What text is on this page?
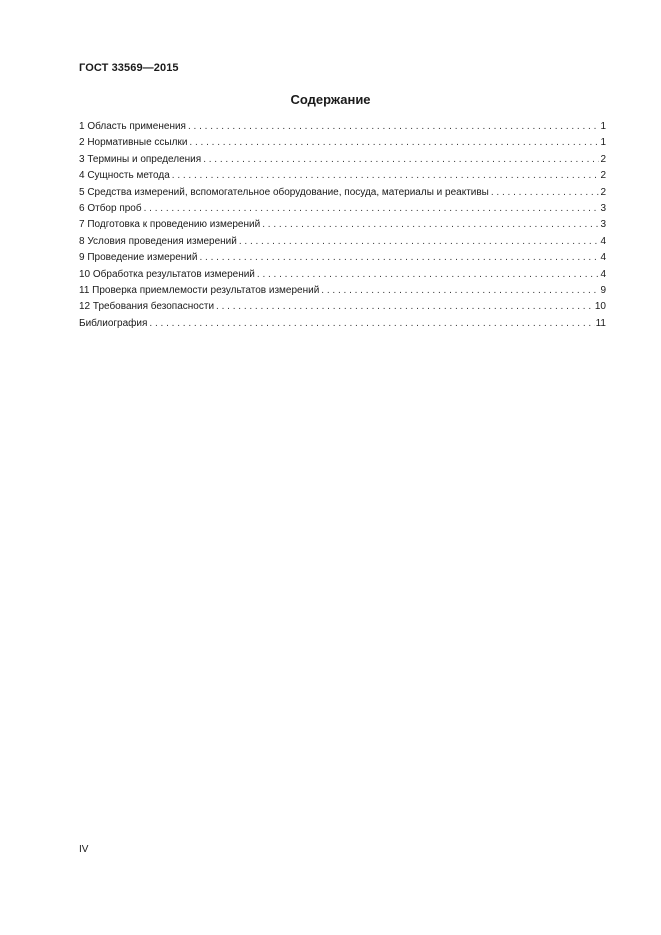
ГОСТ 33569—2015
Содержание
1 Область применения . . .	1
2 Нормативные ссылки . . .	1
3 Термины и определения . . .	2
4 Сущность метода . . .	2
5 Средства измерений, вспомогательное оборудование, посуда, материалы и реактивы . . .	2
6 Отбор проб . . .	3
7 Подготовка к проведению измерений . . .	3
8 Условия проведения измерений . . .	4
9 Проведение измерений . . .	4
10 Обработка результатов измерений . . .	4
11 Проверка приемлемости результатов измерений . . .	9
12 Требования безопасности . . .	10
Библиография . . .	11
IV
